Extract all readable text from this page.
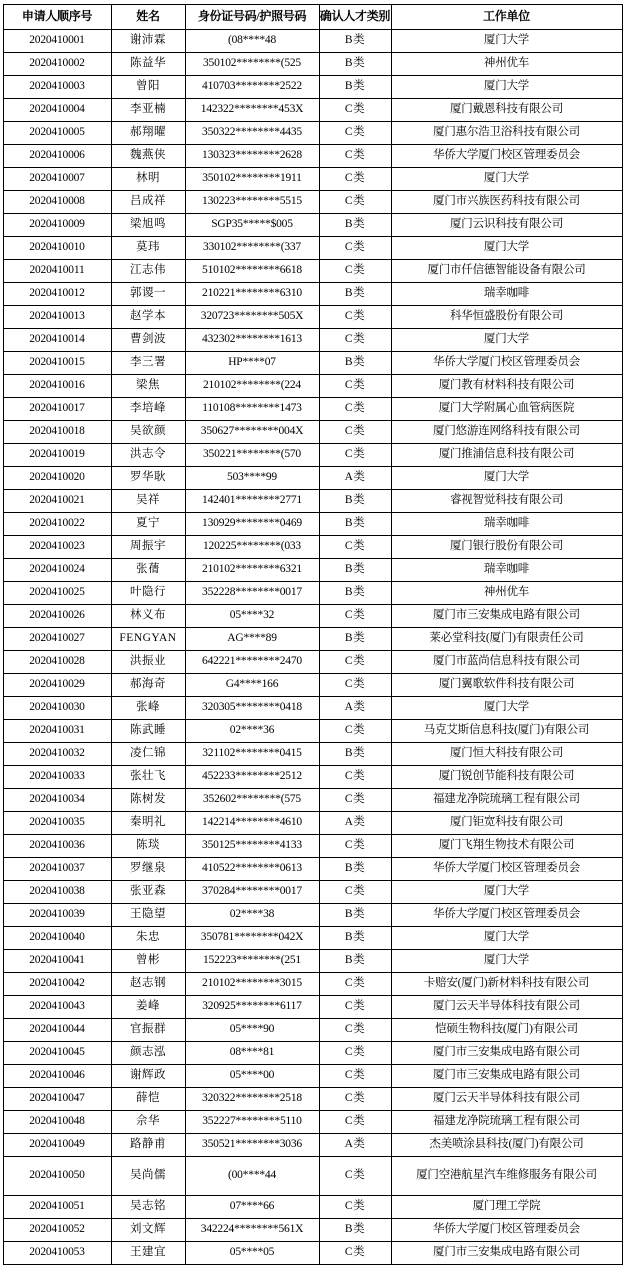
申请人顺序号	姓名	身份证号码/护照号码	确认人才类别	工作单位
2020410001	谢沛霖	(08****48	B类	厦门大学
2020410002	陈益华	350102********(525	B类	神州优车
2020410003	曾阳	410703********2522	B类	厦门大学
2020410004	李亚楠	142322********453X	C类	厦门戴恩科技有限公司
2020410005	郝翔曜	350322********4435	C类	厦门惠尔浩卫浴科技有限公司
2020410006	魏燕侠	130323********2628	C类	华侨大学厦门校区管理委员会
2020410007	林明	350102********1911	C类	厦门大学
2020410008	吕成祥	130223********5515	C类	厦门市兴族医药科技有限公司
2020410009	梁旭鸣	SGP35*****$005	B类	厦门云识科技有限公司
2020410010	莫玮	330102********(337	C类	厦门大学
2020410011	江志伟	510102********6618	C类	厦门市仟信德智能设备有限公司
2020410012	郭谡一	210221********6310	B类	瑞幸咖啡
2020410013	赵学本	320723********505X	C类	科华恒盛股份有限公司
2020410014	曹剑波	432302********1613	C类	厦门大学
2020410015	李三署	HP****07	B类	华侨大学厦门校区管理委员会
2020410016	梁焦	210102********(224	C类	厦门教有材料科技有限公司
2020410017	李培峰	110108********1473	C类	厦门大学附属心血管病医院
2020410018	吴欲颜	350627********004X	C类	厦门悠游连网络科技有限公司
2020410019	洪志令	350221********(570	C类	厦门推浦信息科技有限公司
2020410020	罗华耿	503****99	A类	厦门大学
2020410021	吴祥	142401********2771	B类	睿视智觉科技有限公司
2020410022	夏宁	130929********0469	B类	瑞幸咖啡
2020410023	周振宇	120225********(033	C类	厦门银行股份有限公司
2020410024	张蒨	210102********6321	B类	瑞幸咖啡
2020410025	叶隐行	352228********0017	B类	神州优车
2020410026	林义布	05****32	C类	厦门市三安集成电路有限公司
2020410027	FENGYAN	AG****89	B类	莱必堂科技(厦门)有限责任公司
2020410028	洪振业	642221********2470	C类	厦门市蓝尚信息科技有限公司
2020410029	郝海奇	G4****166	C类	厦门翼歌软件科技有限公司
2020410030	张峰	320305********0418	A类	厦门大学
2020410031	陈武睡	02****36	C类	马克艾斯信息科技(厦门)有限公司
2020410032	凌仁锦	321102********0415	B类	厦门恒大科技有限公司
2020410033	张壮飞	452233********2512	C类	厦门锐创节能科技有限公司
2020410034	陈树发	352602********(575	C类	福建龙净院琉璃工程有限公司
2020410035	秦明礼	142214********4610	A类	厦门钜宽科技有限公司
2020410036	陈琰	350125********4133	C类	厦门飞翔生物技术有限公司
2020410037	罗继泉	410522********0613	B类	华侨大学厦门校区管理委员会
2020410038	张亚森	370284********0017	C类	厦门大学
2020410039	王隐望	02****38	B类	华侨大学厦门校区管理委员会
2020410040	朱忠	350781********042X	B类	厦门大学
2020410041	曾彬	152223********(251	B类	厦门大学
2020410042	赵志钢	210102********3015	C类	卡赔安(厦门)新材料科技有限公司
2020410043	姜峰	320925********6117	C类	厦门云天半导体科技有限公司
2020410044	官振群	05****90	C类	恺硕生物科技(厦门)有限公司
2020410045	颜志泓	08****81	C类	厦门市三安集成电路有限公司
2020410046	谢辉政	05****00	C类	厦门市三安集成电路有限公司
2020410047	薛恺	320322********2518	C类	厦门云天半导体科技有限公司
2020410048	佘华	352227********5110	C类	福建龙净院琉璃工程有限公司
2020410049	路静甫	350521********3036	A类	杰美喷涂县科技(厦门)有限公司
2020410050	吴尚儒	(00****44	C类	厦门空港航星汽车维修服务有限公司
2020410051	吴志铭	07****66	C类	厦门理工学院
2020410052	刘文辉	342224********561X	B类	华侨大学厦门校区管理委员会
2020410053	王建宜	05****05	C类	厦门市三安集成电路有限公司
